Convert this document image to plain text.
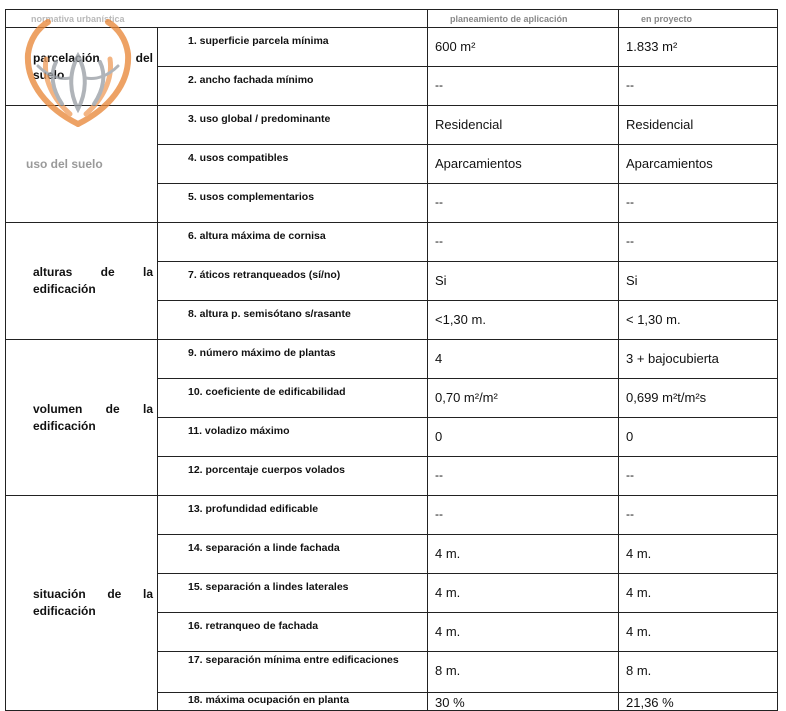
normativa urbanística		planeamiento de aplicación	en proyecto
parcelación del suelo	1. superficie parcela mínima	600 m²	1.833 m²
	2. ancho fachada mínimo	--	--
uso del suelo	3. uso global / predominante	Residencial	Residencial
	4. usos compatibles	Aparcamientos	Aparcamientos
	5. usos complementarios	--	--
alturas de la edificación	6. altura máxima de cornisa	--	--
	7. áticos retranqueados (sí/no)	Si	Si
	8. altura p. semisótano s/rasante	<1,30 m.	< 1,30 m.
volumen de la edificación	9. número máximo de plantas	4	3 + bajocubierta
	10. coeficiente de edificabilidad	0,70 m²/m²	0,699 m²t/m²s
	11. voladizo máximo	0	0
	12. porcentaje cuerpos volados	--	--
situación de la edificación	13. profundidad edificable	--	--
	14. separación a linde fachada	4 m.	4 m.
	15. separación a lindes laterales	4 m.	4 m.
	16. retranqueo de fachada	4 m.	4 m.
	17. separación mínima entre edificaciones	8 m.	8 m.
	18. máxima ocupación en planta	30 %	21,36 %
